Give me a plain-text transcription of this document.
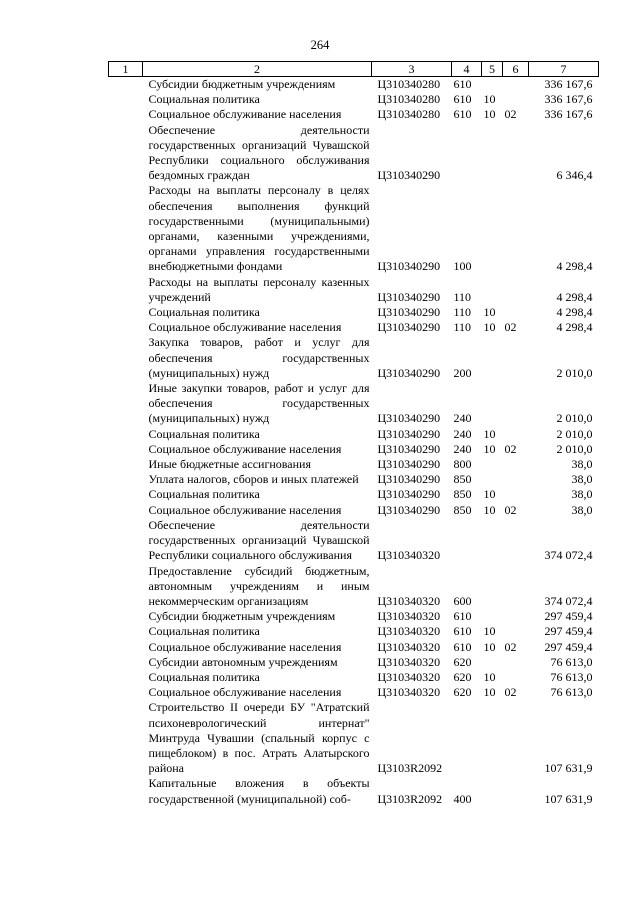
264
1	2	3	4	5	6	7
	Субсидии бюджетным учреждениям	Ц310340280	610			336 167,6
	Социальная политика	Ц310340280	610	10		336 167,6
	Социальное обслуживание населения	Ц310340280	610	10	02	336 167,6
	Обеспечение деятельности государственных организаций Чувашской Республики социального обслуживания бездомных граждан	Ц310340290				6 346,4
	Расходы на выплаты персоналу в целях обеспечения выполнения функций государственными (муниципальными) органами, казенными учреждениями, органами управления государственными внебюджетными фондами	Ц310340290	100			4 298,4
	Расходы на выплаты персоналу казенных учреждений	Ц310340290	110			4 298,4
	Социальная политика	Ц310340290	110	10		4 298,4
	Социальное обслуживание населения	Ц310340290	110	10	02	4 298,4
	Закупка товаров, работ и услуг для обеспечения государственных (муниципальных) нужд	Ц310340290	200			2 010,0
	Иные закупки товаров, работ и услуг для обеспечения государственных (муниципальных) нужд	Ц310340290	240			2 010,0
	Социальная политика	Ц310340290	240	10		2 010,0
	Социальное обслуживание населения	Ц310340290	240	10	02	2 010,0
	Иные бюджетные ассигнования	Ц310340290	800			38,0
	Уплата налогов, сборов и иных платежей	Ц310340290	850			38,0
	Социальная политика	Ц310340290	850	10		38,0
	Социальное обслуживание населения	Ц310340290	850	10	02	38,0
	Обеспечение деятельности государственных организаций Чувашской Республики социального обслуживания	Ц310340320				374 072,4
	Предоставление субсидий бюджетным, автономным учреждениям и иным некоммерческим организациям	Ц310340320	600			374 072,4
	Субсидии бюджетным учреждениям	Ц310340320	610			297 459,4
	Социальная политика	Ц310340320	610	10		297 459,4
	Социальное обслуживание населения	Ц310340320	610	10	02	297 459,4
	Субсидии автономным учреждениям	Ц310340320	620			76 613,0
	Социальная политика	Ц310340320	620	10		76 613,0
	Социальное обслуживание населения	Ц310340320	620	10	02	76 613,0
	Строительство II очереди БУ "Атратский психоневрологический интернат" Минтруда Чувашии (спальный корпус с пищеблоком) в пос. Атрать Алатырского района	Ц3103R2092				107 631,9
	Капитальные вложения в объекты государственной (муниципальной) соб-	Ц3103R2092	400			107 631,9
